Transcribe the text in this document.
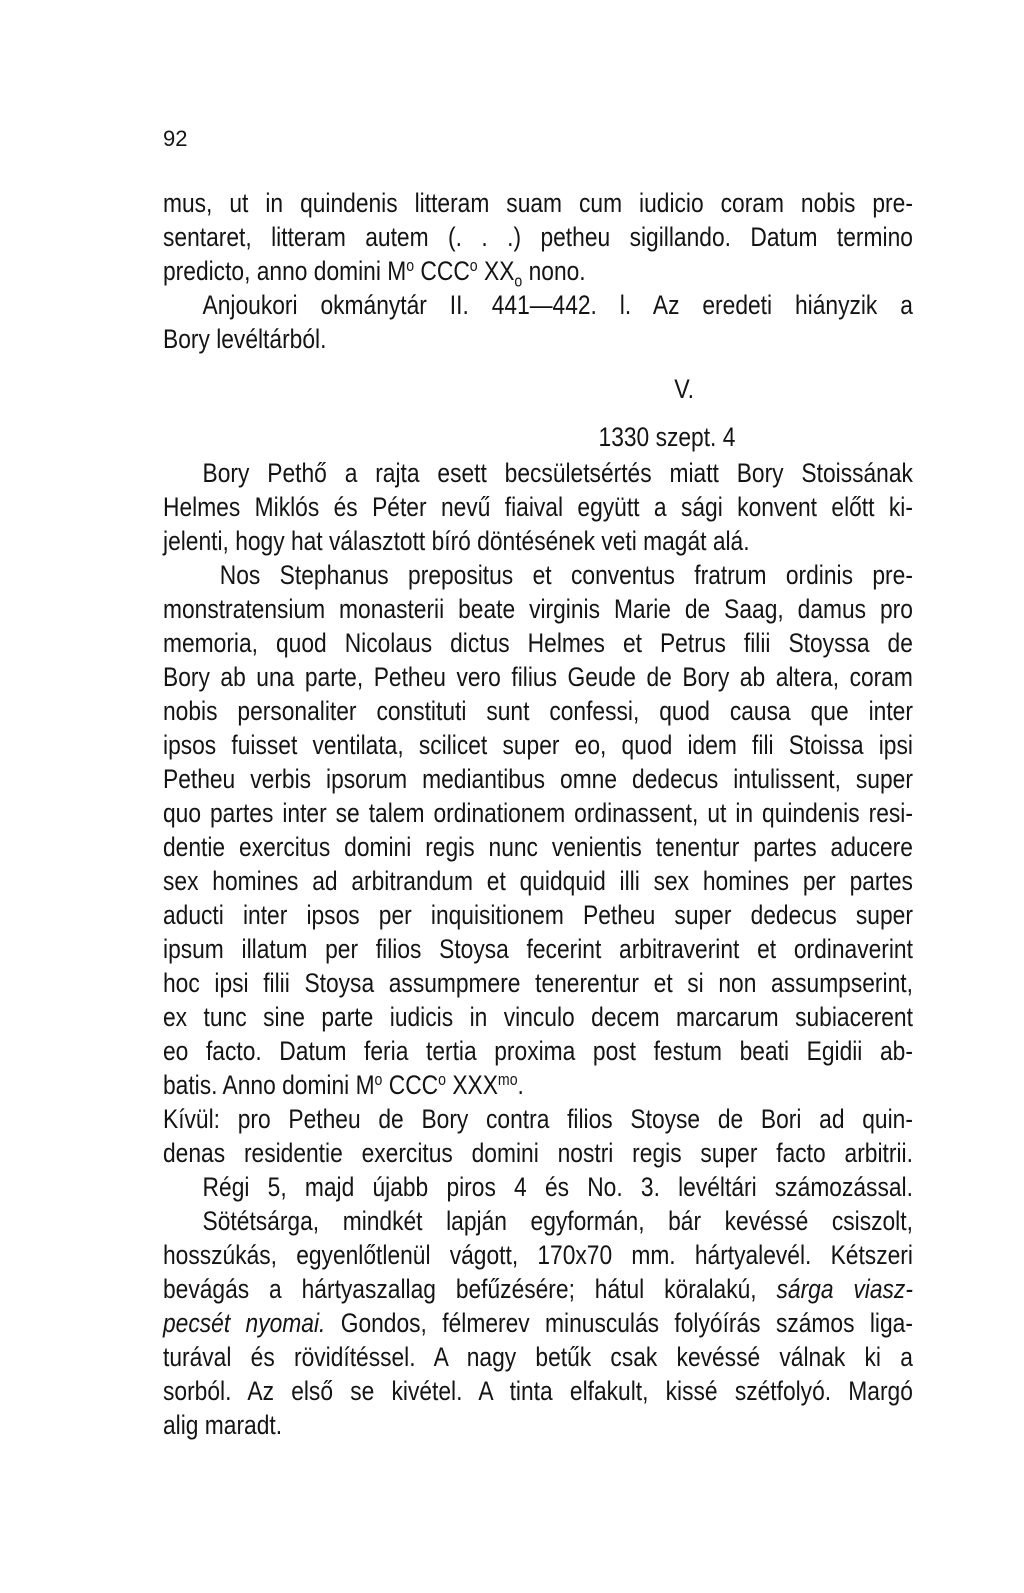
92
mus, ut in quindenis litteram suam cum iudicio coram nobis pre-
sentaret, litteram autem (. . .) petheu sigillando. Datum termino
predicto, anno domini $M^o$ CCC$^o$ $XX_o$ nono.
Anjoukori okmánytár II. 441—442. l. Az eredeti hiányzik a
Bory levéltárból.
V.
1330 szept. 4
Bory Pethő a rajta esett becsületsértés miatt Bory Stoissának
Helmes Miklós és Péter nevű fiaival együtt a sági konvent előtt ki-
jelenti, hogy hat választott bíró döntésének veti magát alá.
Nos Stephanus prepositus et conventus fratrum ordinis pre-
monstratensium monasterii beate virginis Marie de Saag, damus pro
memoria, quod Nicolaus dictus Helmes et Petrus filii Stoyssa de
Bory ab una parte, Petheu vero filius Geude de Bory ab altera, coram
nobis personaliter constituti sunt confessi, quod causa que inter
ipsos fuisset ventilata, scilicet super eo, quod idem fili Stoissa ipsi
Petheu verbis ipsorum mediantibus omne dedecus intulissent, super
quo partes inter se talem ordinationem ordinassent, ut in quindenis resi-
dentie exercitus domini regis nunc venientis tenentur partes aducere
sex homines ad arbitrandum et quidquid illi sex homines per partes
aducti inter ipsos per inquisitionem Petheu super dedecus super
ipsum illatum per filios Stoysa fecerint arbitraverint et ordinaverint
hoc ipsi filii Stoysa assumpmere tenerentur et si non assumpserint,
ex tunc sine parte iudicis in vinculo decem marcarum subiacerent
eo facto. Datum feria tertia proxima post festum beati Egidii ab-
batis. Anno domini $M^o$ CCC$^o$ $XXX^{mo}$.
Kívül: pro Petheu de Bory contra filios Stoyse de Bori ad quin-
denas residentie exercitus domini nostri regis super facto arbitrii.
Régi 5, majd újabb piros 4 és No. 3. levéltári számozással.
Sötétsárga, mindkét lapján egyformán, bár kevéssé csiszolt,
hosszúkás, egyenlőtlenül vágott, 170x70 mm. hártyalevél. Kétszeri
bevágás a hártyaszallag befűzésére; hátul köralakú, sárga viasz-
pecsét nyomai. Gondos, félmerev minusculás folyóírás számos liga-
turával és rövidítéssel. A nagy betűk csak kevéssé válnak ki a
sorból. Az első se kivétel. A tinta elfakult, kissé szétfolyó. Margó
alig maradt.
